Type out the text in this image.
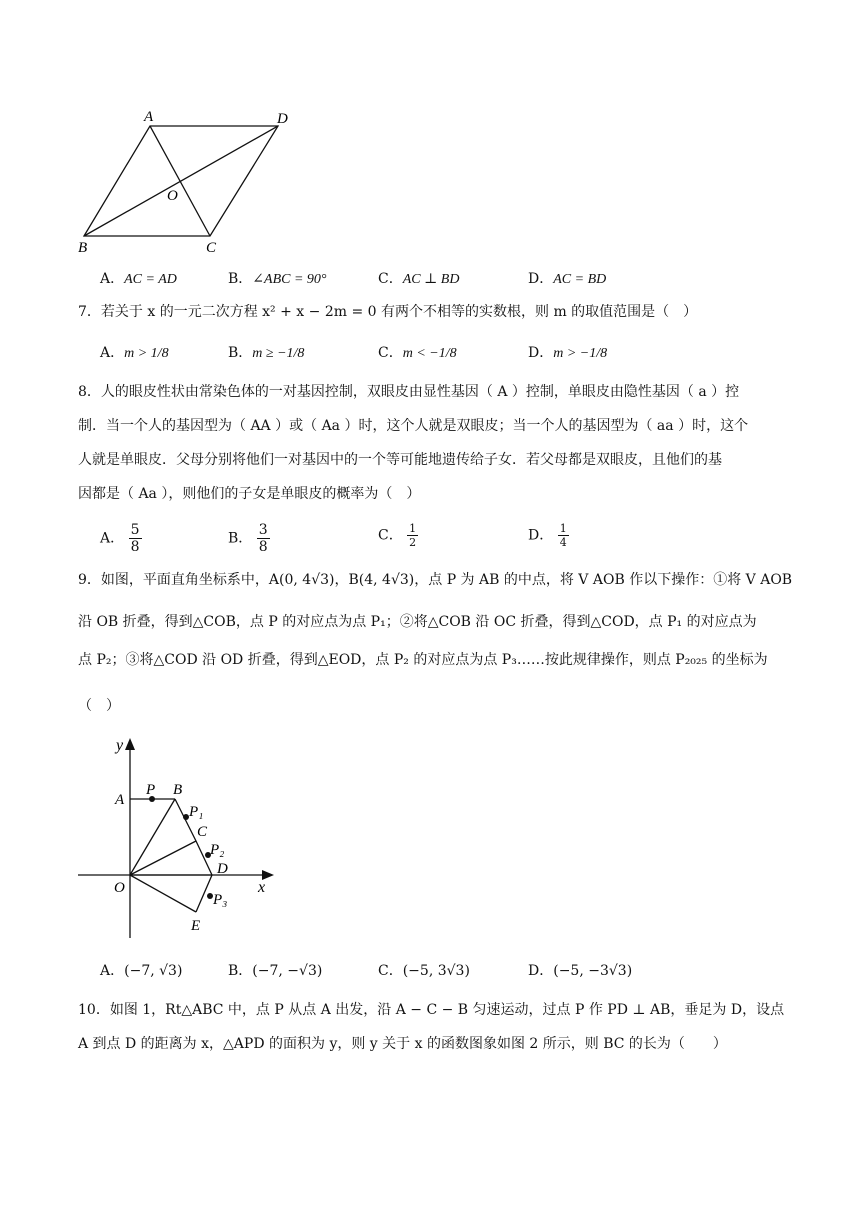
A	D
O
B	C
A．AC = AD	B．∠ABC = 90°	C．AC ⊥ BD	D．AC = BD
7．若关于 x 的一元二次方程 x² + x − 2m = 0 有两个不相等的实数根，则 m 的取值范围是（　）
A．m > 1/8	B．m ≥ −1/8	C．m < −1/8	D．m > −1/8
8．人的眼皮性状由常染色体的一对基因控制，双眼皮由显性基因（ A ）控制，单眼皮由隐性基因（ a ）控
制．当一个人的基因型为（ AA ）或（ Aa ）时，这个人就是双眼皮；当一个人的基因型为（ aa ）时，这个
人就是单眼皮．父母分别将他们一对基因中的一个等可能地遗传给子女．若父母都是双眼皮，且他们的基
因都是（ Aa ），则他们的子女是单眼皮的概率为（　）
A． $\frac{5}{8}$	B． $\frac{3}{8}$	C． $\frac{1}{2}$	D． $\frac{1}{4}$
9．如图，平面直角坐标系中，A(0, 4√3)，B(4, 4√3)，点 P 为 AB 的中点，将 V AOB 作以下操作：①将 V AOB
沿 OB 折叠，得到△COB，点 P 的对应点为点 P₁；②将△COB 沿 OC 折叠，得到△COD，点 P₁ 的对应点为
点 P₂；③将△COD 沿 OD 折叠，得到△EOD，点 P₂ 的对应点为点 P₃……按此规律操作，则点 P₂₀₂₅ 的坐标为
（　）
y
x
A
P B
P₁
C
P₂
D
O
P₃
E
A．(−7, √3)	B．(−7, −√3)	C．(−5, 3√3)	D．(−5, −3√3)
10．如图 1，Rt△ABC 中，点 P 从点 A 出发，沿 A − C − B 匀速运动，过点 P 作 PD ⊥ AB，垂足为 D，设点
A 到点 D 的距离为 x，△APD 的面积为 y，则 y 关于 x 的函数图象如图 2 所示，则 BC 的长为（　　）
